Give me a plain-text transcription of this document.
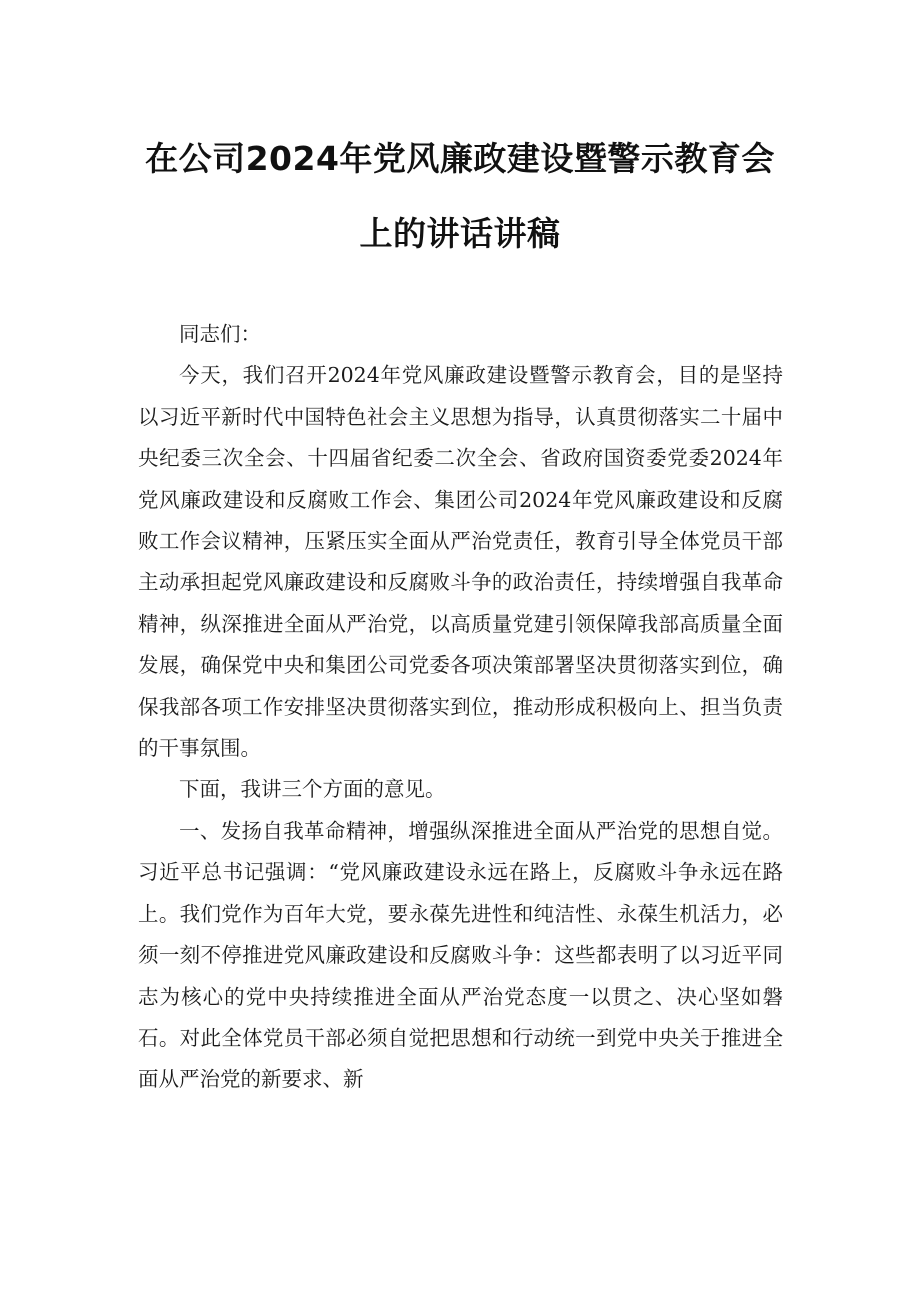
在公司2024年党风廉政建设暨警示教育会
上的讲话讲稿

同志们：

今天，我们召开2024年党风廉政建设暨警示教育会，目的是坚持以习近平新时代中国特色社会主义思想为指导，认真贯彻落实二十届中央纪委三次全会、十四届省纪委二次全会、省政府国资委党委2024年党风廉政建设和反腐败工作会、集团公司2024年党风廉政建设和反腐败工作会议精神，压紧压实全面从严治党责任，教育引导全体党员干部主动承担起党风廉政建设和反腐败斗争的政治责任，持续增强自我革命精神，纵深推进全面从严治党，以高质量党建引领保障我部高质量全面发展，确保党中央和集团公司党委各项决策部署坚决贯彻落实到位，确保我部各项工作安排坚决贯彻落实到位，推动形成积极向上、担当负责的干事氛围。

下面，我讲三个方面的意见。

一、发扬自我革命精神，增强纵深推进全面从严治党的思想自觉。习近平总书记强调：“党风廉政建设永远在路上，反腐败斗争永远在路上。我们党作为百年大党，要永葆先进性和纯洁性、永葆生机活力，必须一刻不停推进党风廉政建设和反腐败斗争：这些都表明了以习近平同志为核心的党中央持续推进全面从严治党态度一以贯之、决心坚如磐石。对此全体党员干部必须自觉把思想和行动统一到党中央关于推进全面从严治党的新要求、新
